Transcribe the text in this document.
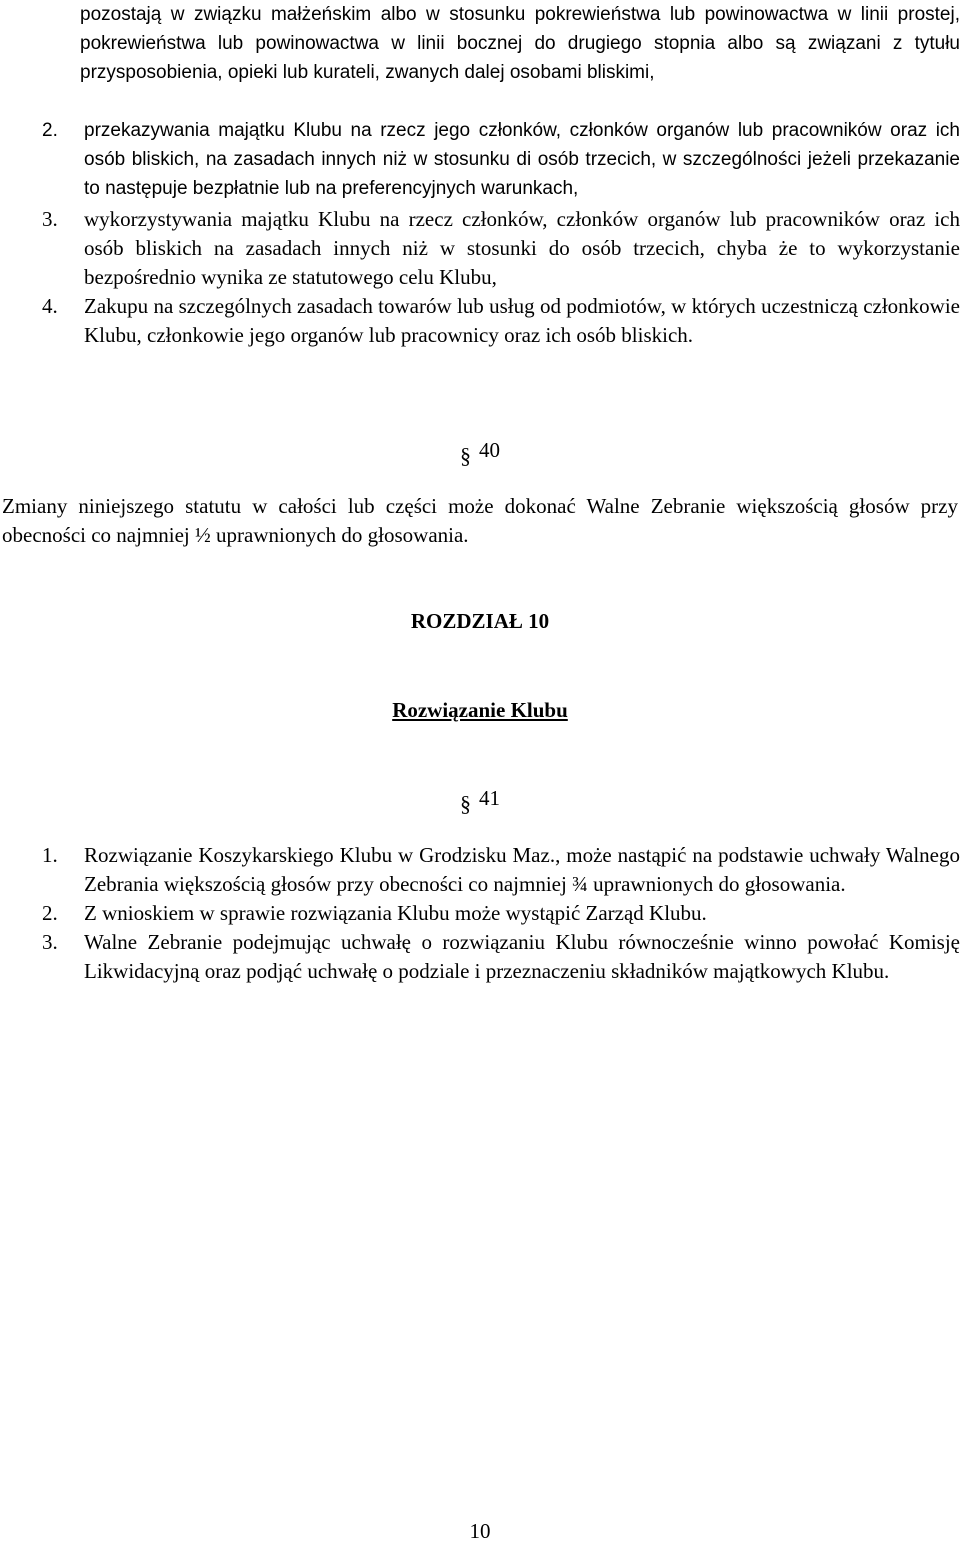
pozostają w związku małżeńskim albo w stosunku pokrewieństwa lub powinowactwa w linii prostej, pokrewieństwa lub powinowactwa w linii bocznej do drugiego stopnia albo są związani z tytułu przysposobienia, opieki lub kurateli, zwanych dalej osobami bliskimi,
2.	przekazywania majątku Klubu na rzecz jego członków, członków organów lub pracowników oraz ich osób bliskich, na zasadach innych niż w stosunku di osób trzecich, w szczególności jeżeli przekazanie to następuje bezpłatnie lub na preferencyjnych warunkach,
3.	wykorzystywania majątku Klubu na rzecz członków, członków organów lub pracowników oraz ich osób bliskich na zasadach innych niż w stosunki do osób trzecich, chyba że to wykorzystanie bezpośrednio wynika ze statutowego celu Klubu,
4.	Zakupu na szczególnych zasadach towarów lub usług od podmiotów, w których uczestniczą członkowie Klubu, członkowie jego organów lub pracownicy oraz ich osób bliskich.
§ 40
Zmiany niniejszego statutu w całości lub części może dokonać Walne Zebranie większością głosów przy obecności co najmniej ½ uprawnionych do głosowania.
ROZDZIAŁ 10
Rozwiązanie Klubu
§ 41
1.	Rozwiązanie Koszykarskiego Klubu w Grodzisku Maz., może nastąpić na podstawie uchwały Walnego Zebrania większością głosów przy obecności co najmniej ¾ uprawnionych do głosowania.
2.	Z wnioskiem w sprawie rozwiązania Klubu może wystąpić Zarząd Klubu.
3.	Walne Zebranie podejmując uchwałę o rozwiązaniu Klubu równocześnie winno powołać Komisję Likwidacyjną oraz podjąć uchwałę o podziale i przeznaczeniu składników majątkowych Klubu.
10
